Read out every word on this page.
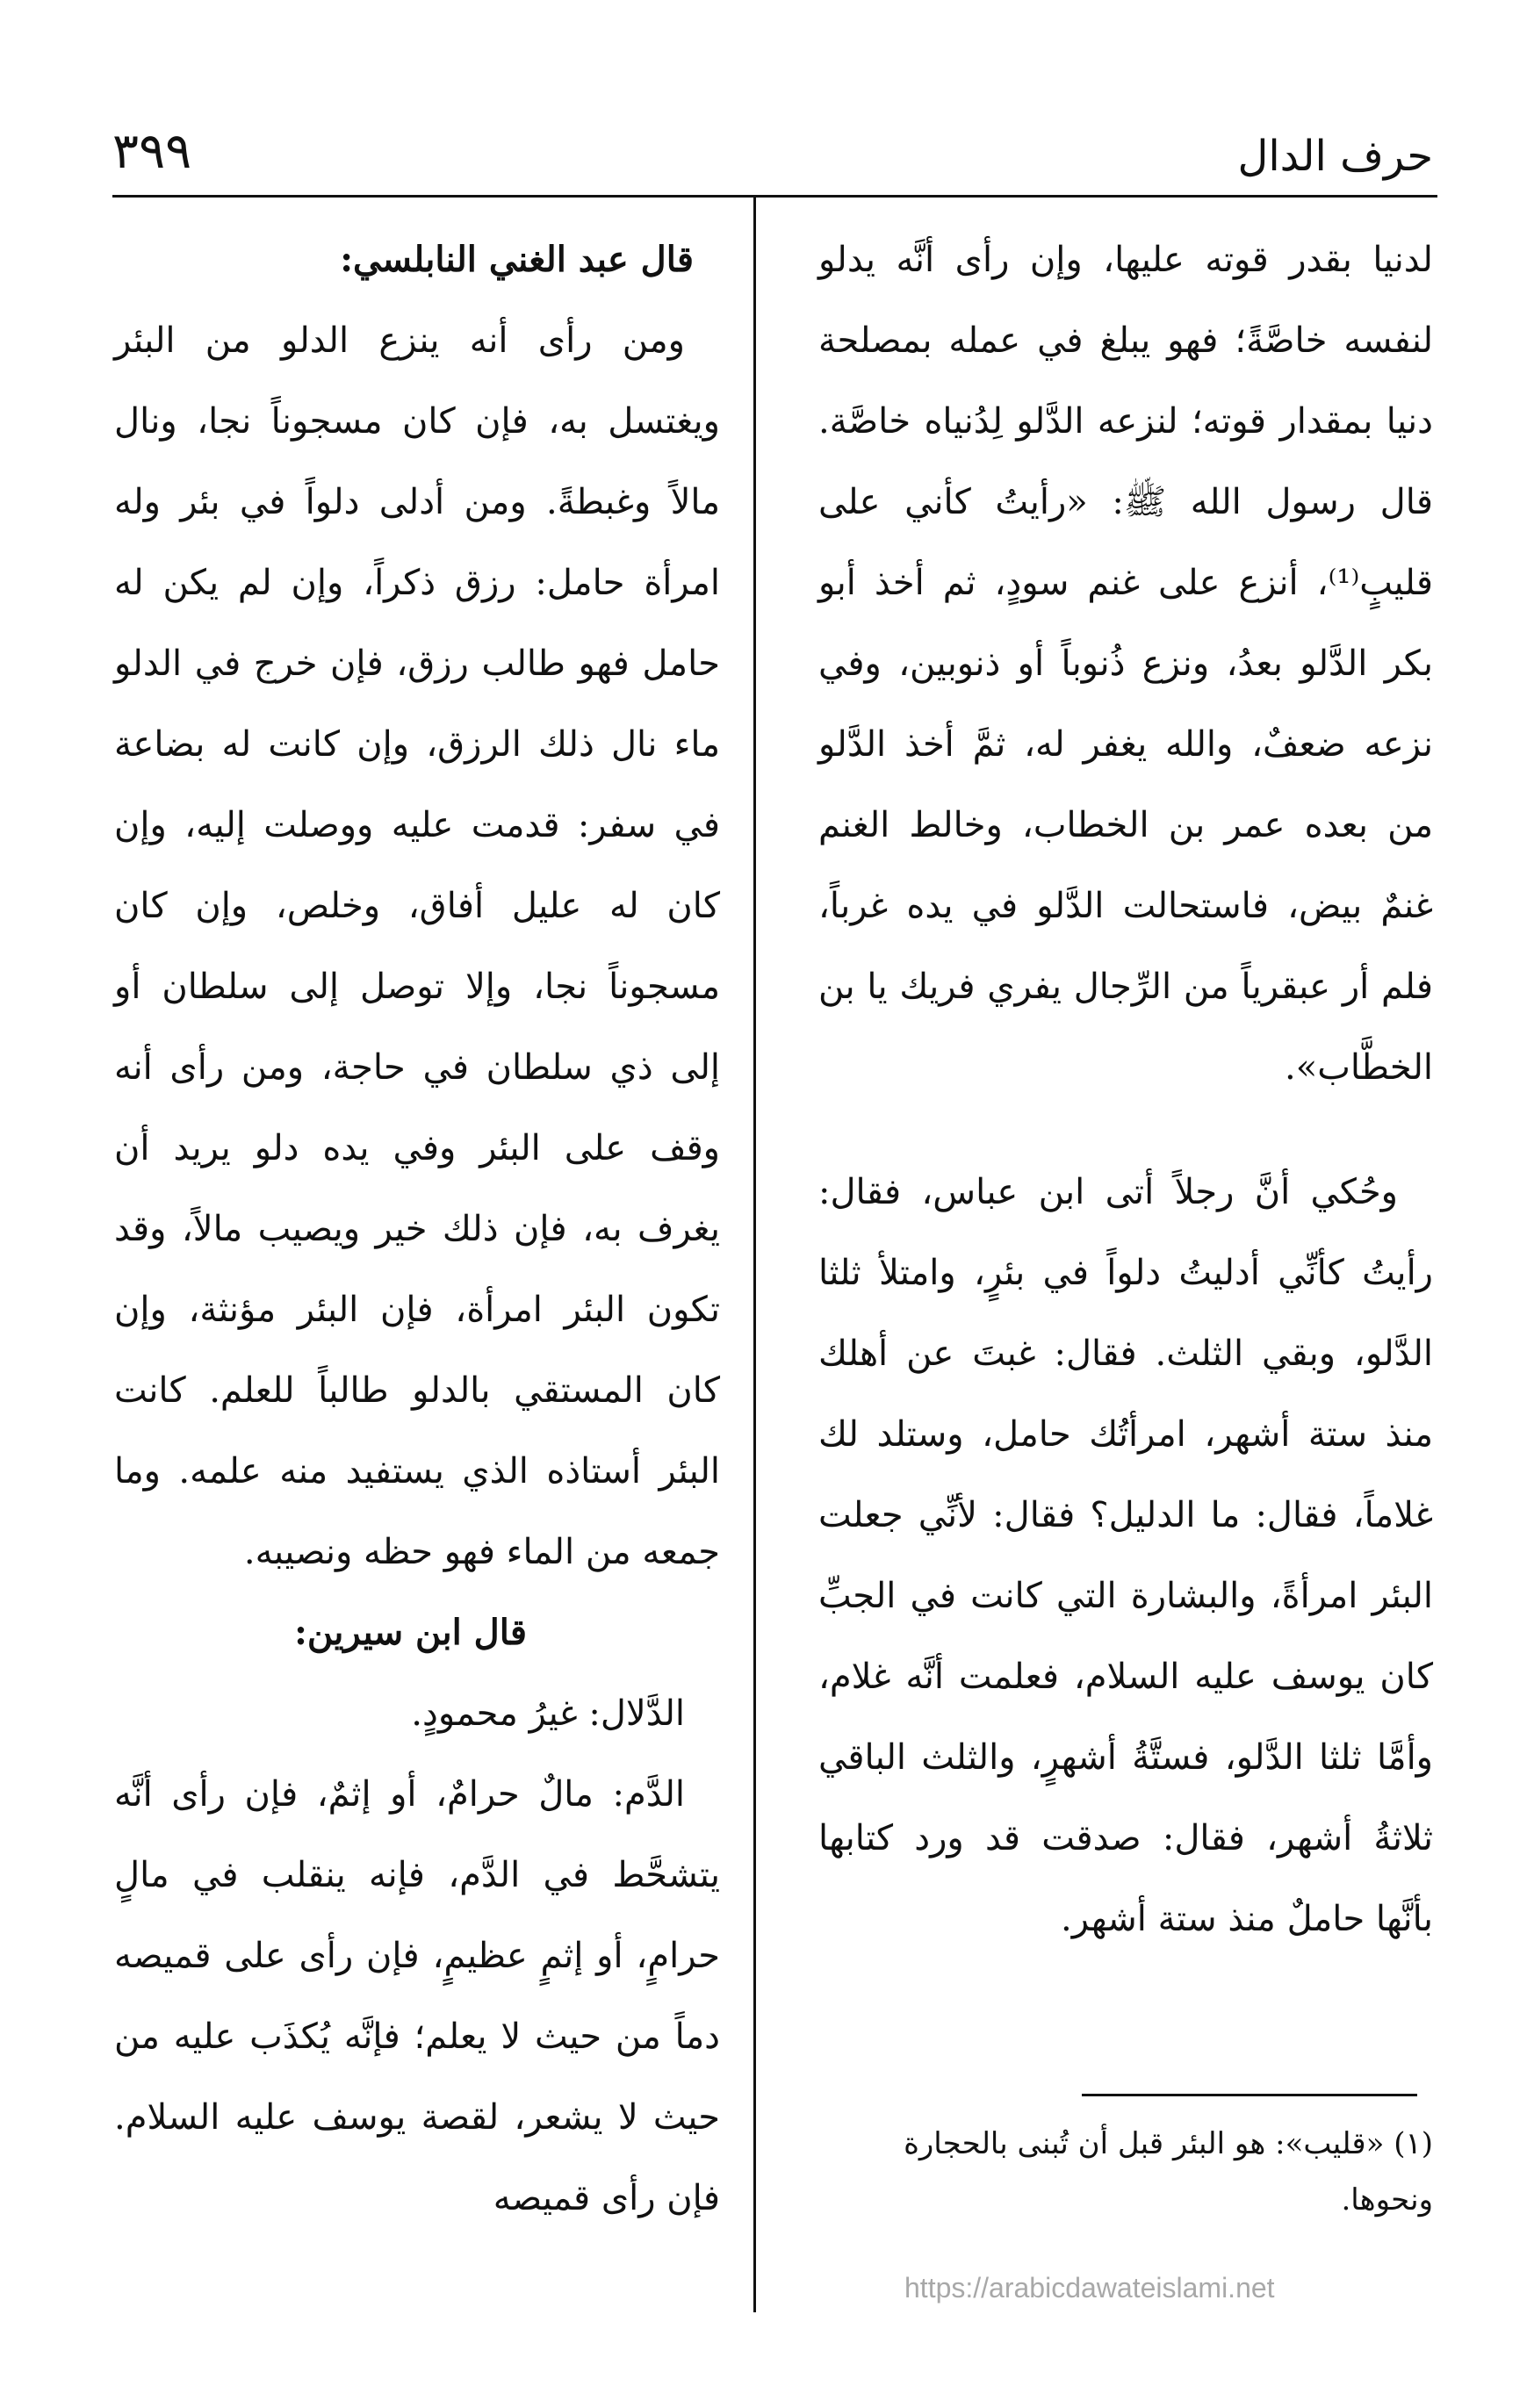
حرف الدال
٣٩٩

لدنيا بقدر قوته عليها، وإن رأى أنَّه يدلو لنفسه خاصَّةً؛ فهو يبلغ في عمله بمصلحة دنيا بمقدار قوته؛ لنزعه الدَّلو لِدُنياه خاصَّة. قال رسول الله ﷺ: «رأيتُ كأني على قليبٍ⁽¹⁾، أنزع على غنم سودٍ، ثم أخذ أبو بكر الدَّلو بعدُ، ونزع ذُنوباً أو ذنوبين، وفي نزعه ضعفٌ، والله يغفر له، ثمَّ أخذ الدَّلو من بعده عمر بن الخطاب، وخالط الغنم غنمٌ بيض، فاستحالت الدَّلو في يده غرباً، فلم أر عبقرياً من الرِّجال يفري فريك يا بن الخطَّاب».

وحُكي أنَّ رجلاً أتى ابن عباس، فقال: رأيتُ كأنِّي أدليتُ دلواً في بئرٍ، وامتلأ ثلثا الدَّلو، وبقي الثلث. فقال: غبتَ عن أهلك منذ ستة أشهر، امرأتُك حامل، وستلد لك غلاماً، فقال: ما الدليل؟ فقال: لأنِّي جعلت البئر امرأةً، والبشارة التي كانت في الجبِّ كان يوسف عليه السلام، فعلمت أنَّه غلام، وأمَّا ثلثا الدَّلو، فستَّةُ أشهرٍ، والثلث الباقي ثلاثةُ أشهر، فقال: صدقت قد ورد كتابها بأنَّها حاملٌ منذ ستة أشهر.

قال عبد الغني النابلسي:

ومن رأى أنه ينزع الدلو من البئر ويغتسل به، فإن كان مسجوناً نجا، ونال مالاً وغبطةً. ومن أدلى دلواً في بئر وله امرأة حامل: رزق ذكراً، وإن لم يكن له حامل فهو طالب رزق، فإن خرج في الدلو ماء نال ذلك الرزق، وإن كانت له بضاعة في سفر: قدمت عليه ووصلت إليه، وإن كان له عليل أفاق، وخلص، وإن كان مسجوناً نجا، وإلا توصل إلى سلطان أو إلى ذي سلطان في حاجة، ومن رأى أنه وقف على البئر وفي يده دلو يريد أن يغرف به، فإن ذلك خير ويصيب مالاً، وقد تكون البئر امرأة، فإن البئر مؤنثة، وإن كان المستقي بالدلو طالباً للعلم. كانت البئر أستاذه الذي يستفيد منه علمه. وما جمعه من الماء فهو حظه ونصيبه.

قال ابن سيرين:

الدَّلال: غيرُ محمودٍ.

الدَّم: مالٌ حرامٌ، أو إثمٌ، فإن رأى أنَّه يتشحَّط في الدَّم، فإنه ينقلب في مالٍ حرامٍ، أو إثمٍ عظيمٍ، فإن رأى على قميصه دماً من حيث لا يعلم؛ فإنَّه يُكذَب عليه من حيث لا يشعر، لقصة يوسف عليه السلام. فإن رأى قميصه

(١) «قليب»: هو البئر قبل أن تُبنى بالحجارة ونحوها.
https://arabicdawateislami.net
